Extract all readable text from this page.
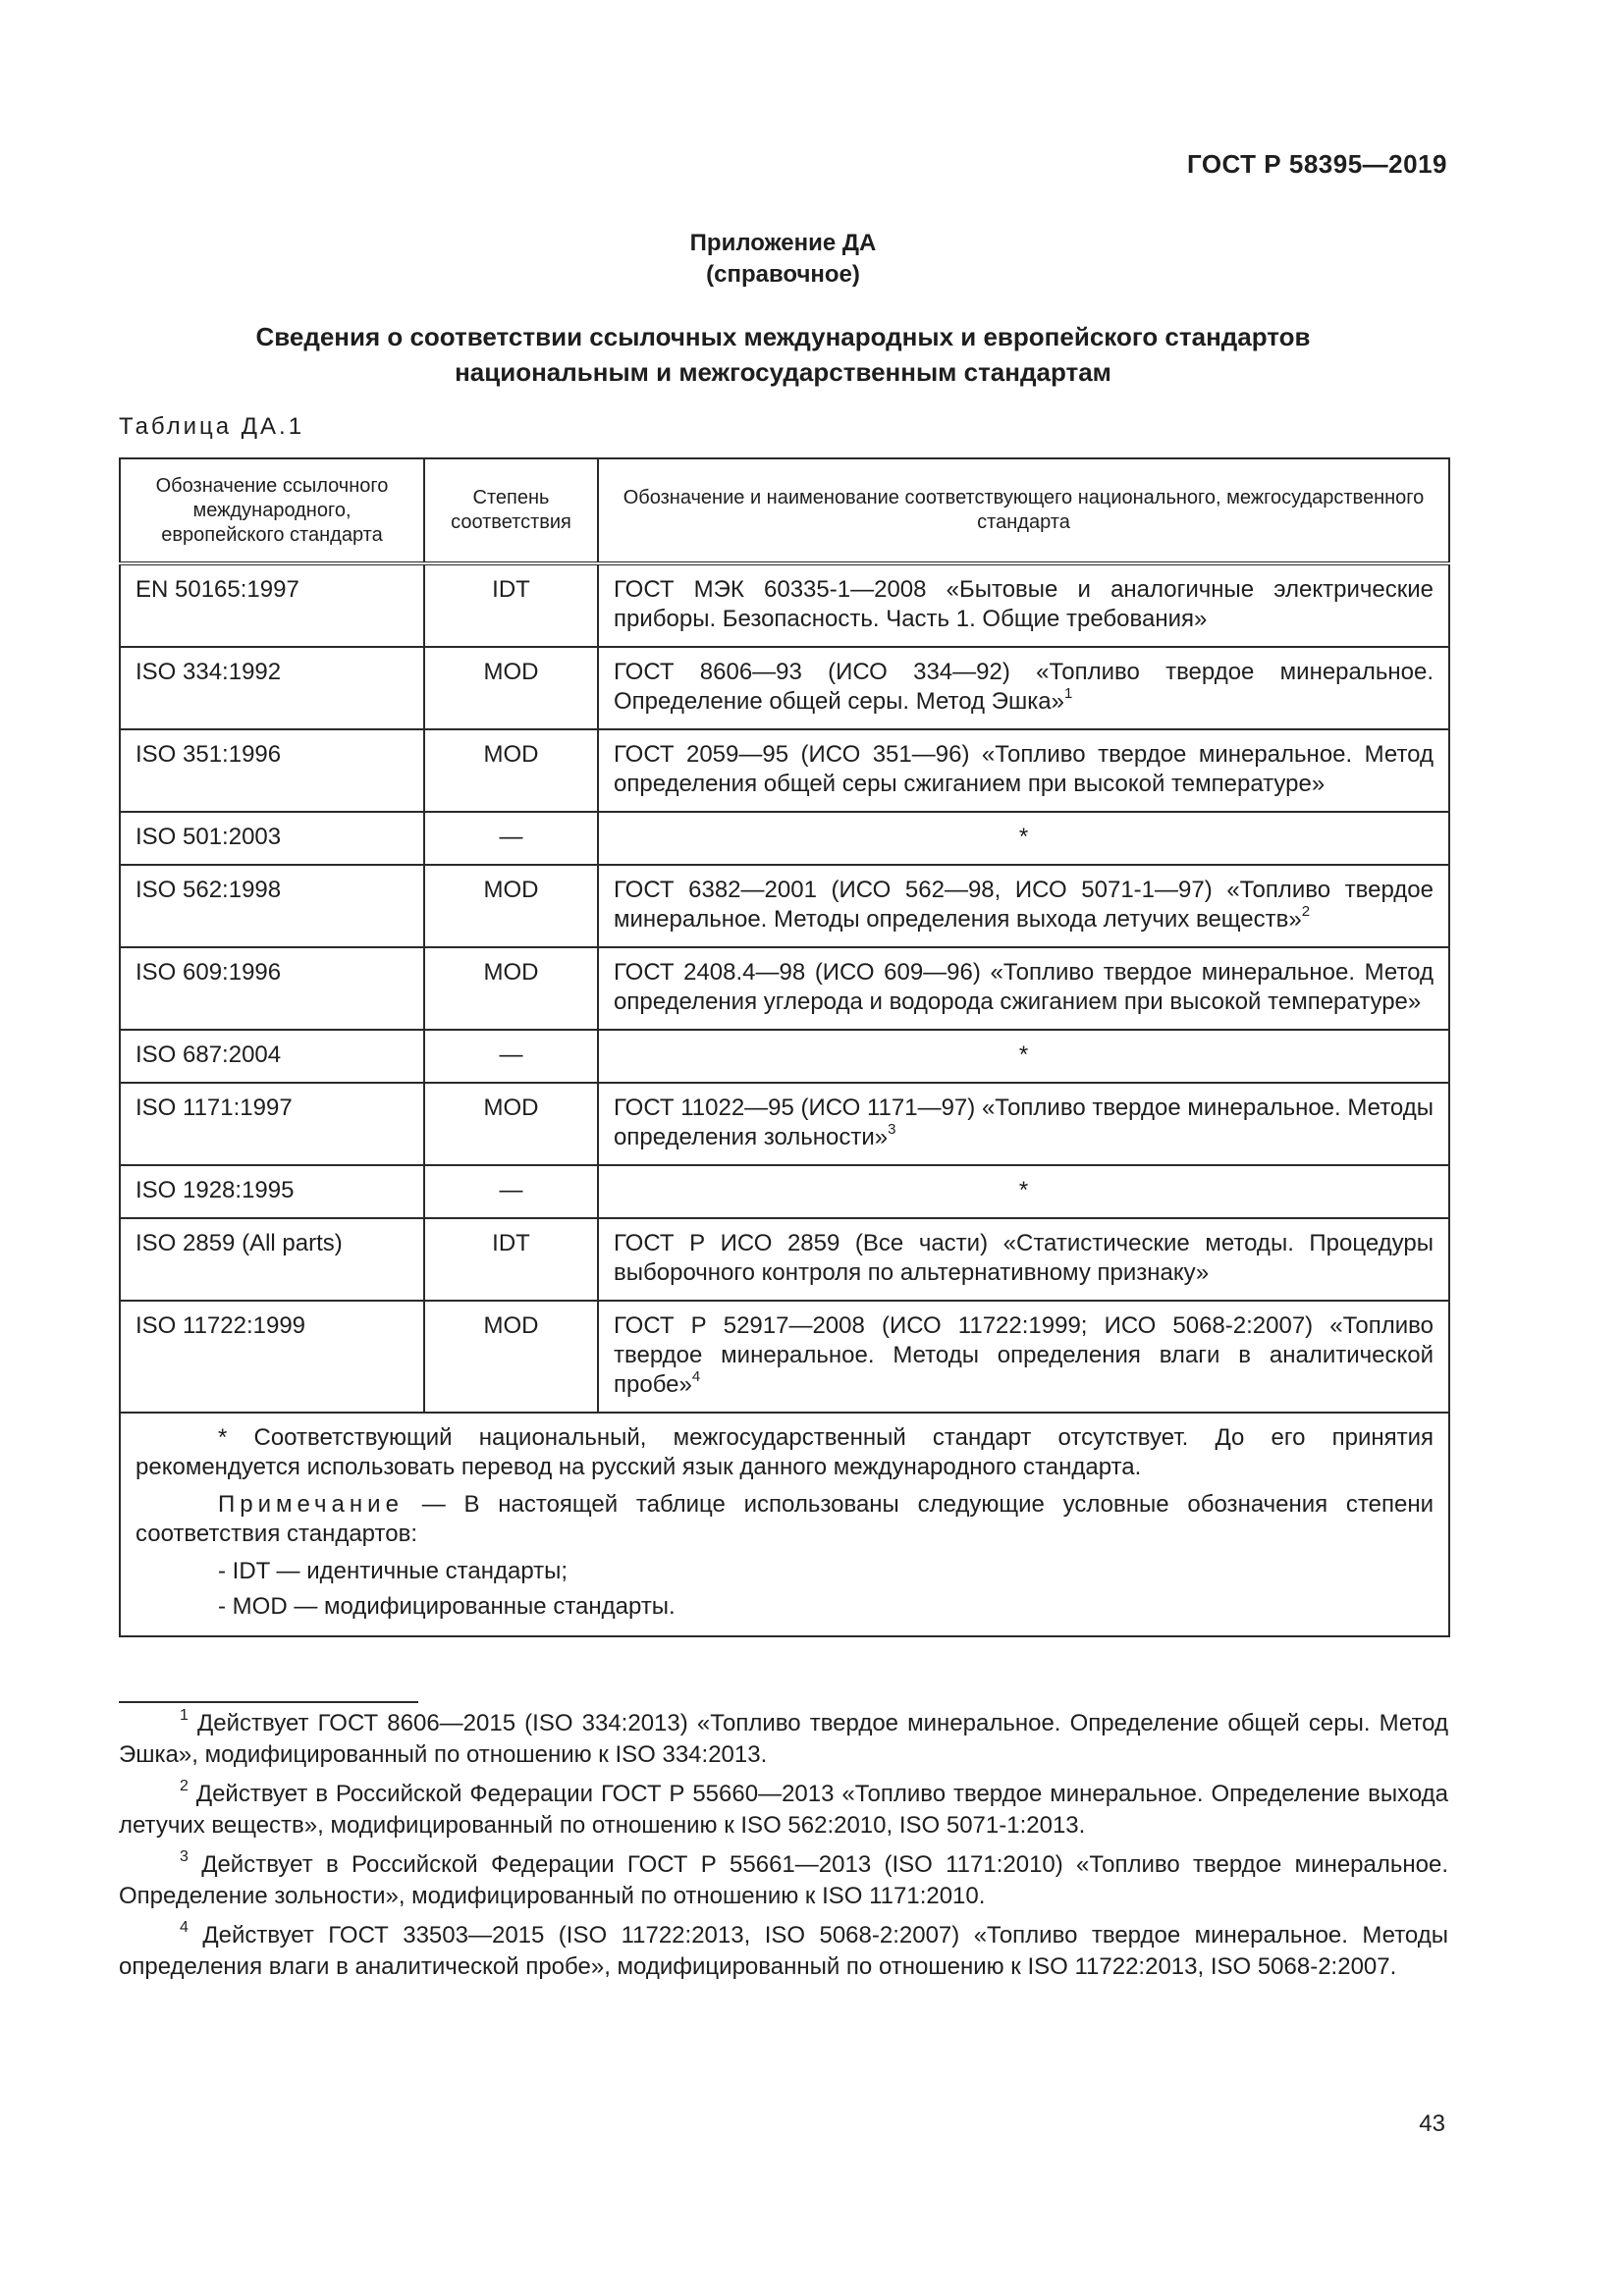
ГОСТ Р 58395—2019
Приложение ДА
(справочное)
Сведения о соответствии ссылочных международных и европейского стандартов
национальным и межгосударственным стандартам
Таблица ДА.1
Обозначение ссылочного международного, европейского стандарта	Степень соответствия	Обозначение и наименование соответствующего национального, межгосударственного стандарта
EN 50165:1997	IDT	ГОСТ МЭК 60335-1—2008 «Бытовые и аналогичные электрические приборы. Безопасность. Часть 1. Общие требования»
ISO 334:1992	MOD	ГОСТ 8606—93 (ИСО 334—92) «Топливо твердое минеральное. Определение общей серы. Метод Эшка»$^1$
ISO 351:1996	MOD	ГОСТ 2059—95 (ИСО 351—96) «Топливо твердое минеральное. Метод определения общей серы сжиганием при высокой температуре»
ISO 501:2003	—	*
ISO 562:1998	MOD	ГОСТ 6382—2001 (ИСО 562—98, ИСО 5071-1—97) «Топливо твердое минеральное. Методы определения выхода летучих веществ»$^2$
ISO 609:1996	MOD	ГОСТ 2408.4—98 (ИСО 609—96) «Топливо твердое минеральное. Метод определения углерода и водорода сжиганием при высокой температуре»
ISO 687:2004	—	*
ISO 1171:1997	MOD	ГОСТ 11022—95 (ИСО 1171—97) «Топливо твердое минеральное. Методы определения зольности»$^3$
ISO 1928:1995	—	*
ISO 2859 (All parts)	IDT	ГОСТ Р ИСО 2859 (Все части) «Статистические методы. Процедуры выборочного контроля по альтернативному признаку»
ISO 11722:1999	MOD	ГОСТ Р 52917—2008 (ИСО 11722:1999; ИСО 5068-2:2007) «Топливо твердое минеральное. Методы определения влаги в аналитической пробе»$^4$

* Соответствующий национальный, межгосударственный стандарт отсутствует. До его принятия рекомендуется использовать перевод на русский язык данного международного стандарта.

Примечание — В настоящей таблице использованы следующие условные обозначения степени соответствия стандартов:

- IDT — идентичные стандарты;

- MOD — модифицированные стандарты.		

$^1$ Действует ГОСТ 8606—2015 (ISO 334:2013) «Топливо твердое минеральное. Определение общей серы. Метод Эшка», модифицированный по отношению к ISO 334:2013.

$^2$ Действует в Российской Федерации ГОСТ Р 55660—2013 «Топливо твердое минеральное. Определение выхода летучих веществ», модифицированный по отношению к ISO 562:2010, ISO 5071-1:2013.

$^3$ Действует в Российской Федерации ГОСТ Р 55661—2013 (ISO 1171:2010) «Топливо твердое минеральное. Определение зольности», модифицированный по отношению к ISO 1171:2010.

$^4$ Действует ГОСТ 33503—2015 (ISO 11722:2013, ISO 5068-2:2007) «Топливо твердое минеральное. Методы определения влаги в аналитической пробе», модифицированный по отношению к ISO 11722:2013, ISO 5068-2:2007.

43
